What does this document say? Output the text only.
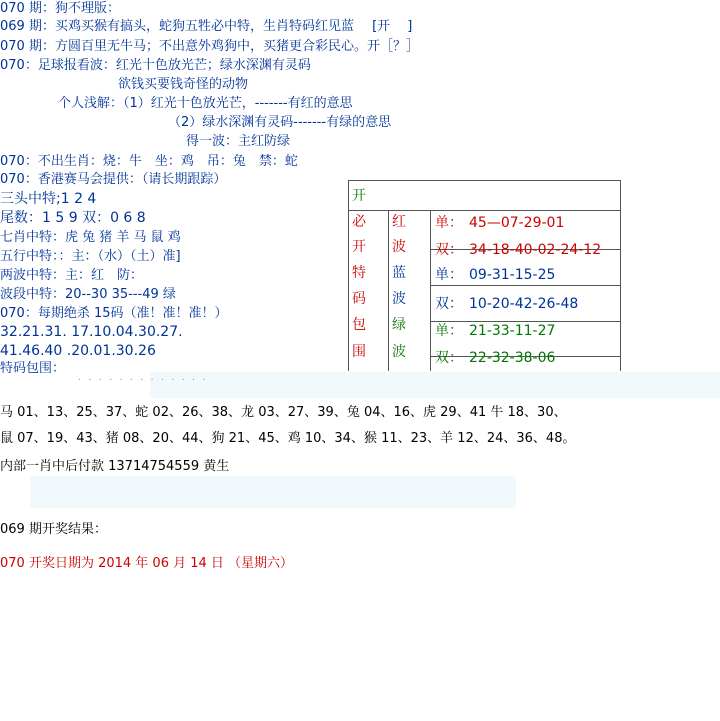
070 期：狗不理版：
069 期：买鸡买猴有搞头，蛇狗五牲必中特，生肖特码红见蓝 [开　 ]
070 期：方圆百里无牛马；不出意外鸡狗中，买猪更合彩民心。开［？］
070：足球报看波：红光十色放光芒；绿水深渊有灵码
欲钱买要钱奇怪的动物
个人浅解：（1）红光十色放光芒，-------有红的意思
（2）绿水深渊有灵码-------有绿的意思
得一波：主红防绿
070：不出生肖：烧：牛　坐：鸡　吊：兔　禁：蛇
070：香港赛马会提供：（请长期跟踪）
三头中特;1 2 4
尾数：1 5 9 双：0 6 8
七肖中特：虎 兔 猪 羊 马 鼠 鸡
五行中特：：主：（水）（土）准]
两波中特：主：红　防：
波段中特：20--30 35---49 绿
070：每期绝杀 15码（准！准！准！）
32.21.31. 17.10.04.30.27.
41.46.40 .20.01.30.26
特码包围：
· · · · · · · · · · · · ·
开
必
开
特
码
包
围
红
波
蓝
波
绿
波
单： 45—07-29-01
双： 34-18-40-02-24-12
单： 09-31-15-25
双： 10-20-42-26-48
单： 21-33-11-27
双： 22-32-38-06
马 01、13、25、37、蛇 02、26、38、龙 03、27、39、兔 04、16、虎 29、41 牛 18、30、
鼠 07、19、43、猪 08、20、44、狗 21、45、鸡 10、34、猴 11、23、羊 12、24、36、48。
内部一肖中后付款 13714754559 黄生
069 期开奖结果：
070 开奖日期为 2014 年 06 月 14 日 （星期六）
